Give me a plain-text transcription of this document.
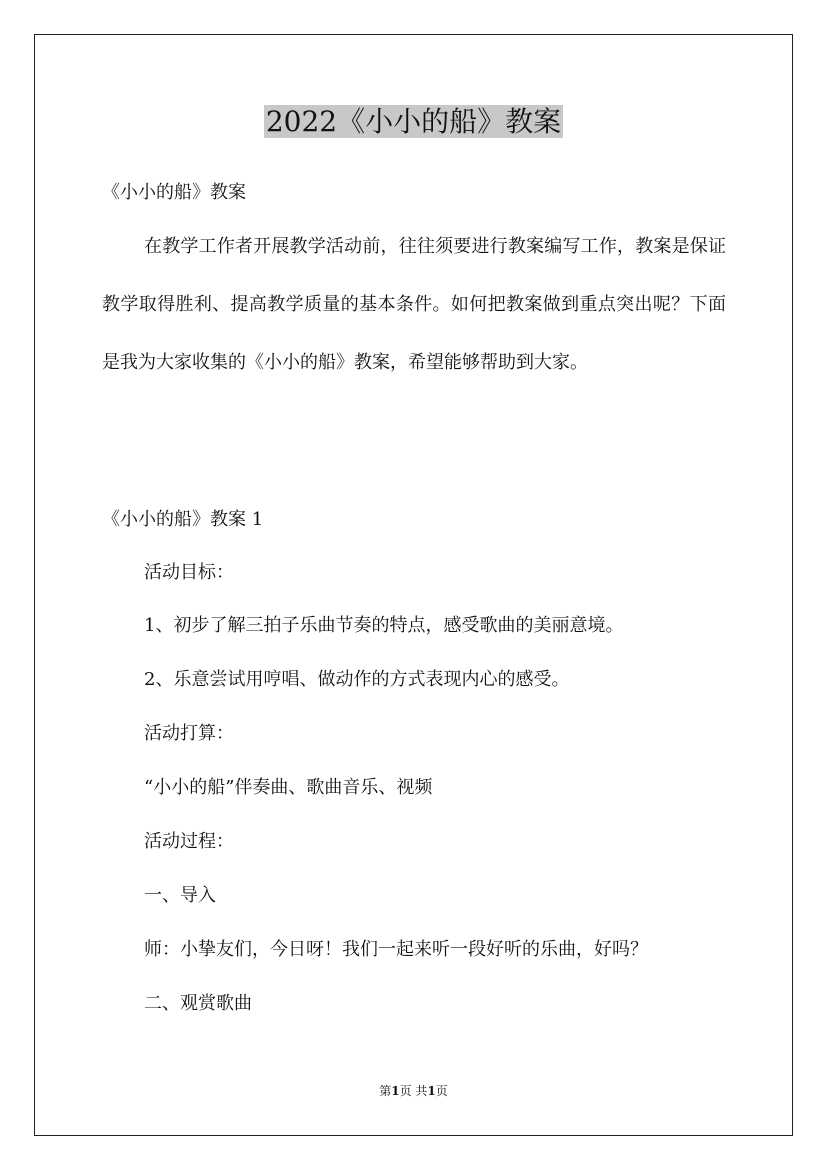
2022《小小的船》教案
《小小的船》教案
在教学工作者开展教学活动前，往往须要进行教案编写工作，教案是保证教学取得胜利、提高教学质量的基本条件。如何把教案做到重点突出呢？下面是我为大家收集的《小小的船》教案，希望能够帮助到大家。
《小小的船》教案 1
活动目标：
1、初步了解三拍子乐曲节奏的特点，感受歌曲的美丽意境。
2、乐意尝试用哼唱、做动作的方式表现内心的感受。
活动打算：
“小小的船”伴奏曲、歌曲音乐、视频
活动过程：
一、导入
师：小挚友们，今日呀！我们一起来听一段好听的乐曲，好吗？
二、观赏歌曲
第1页 共1页
